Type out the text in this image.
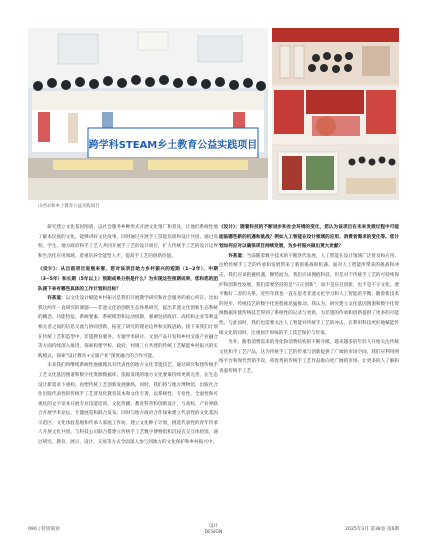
跨学科STEAM乡土教育公益实践项目
山西永和乡土教育公益实践项目

研究建立文化基因图谱，以社会服务乡种形式开展文化推广和普及，让他们系统性地了解本民族的文化，能够讲好文化故事。同时通过开展手工技能培训和设计共创，通过高校、学生、地方政府和手工艺人共同开展手工艺的设计项目，扩大传统手工艺的设计边界和生活化应用领域，着重培养全能型人才，提高手工艺的创新价值。

《设计》：从目前项目进展来看，您对该项目助力乡村振兴的短期（1~2年）、中期（3~5年）和长期（5年以上）预期成果分别是什么？为实现这些预期成果，您和您的团队接下来有哪些具体的工作计划和目标？

许甚道：以文化设计赋能乡村振兴是我们开展教学研究和社会服务的重心所在。比如我这两年一直研究的课题——非遗文化的创新生态体系研究，提出非遗文化创新生态系统的概念、功能特征、系统要素、系统模型和运动机制，强调包括政府、高校和企业等利益相关者之间的信息交流与协同创新，拓宽了研究的理论边界和实践思路。接下来我们计划在传统工艺和造型中、非遗教育服务、专题学术研讨、文创产品开发和乡村文旅产业融合等方面持续深入推进，探索构建学校、政府、村镇三方共建的传统工艺赋能乡村振兴的实践模式，探索“设计教育+文旅产业”深度融合的合作可能。

未来我们将继续系统性地梳理具有代表性的地方文化非遗技艺，通过研究和建传统手工艺文化基因图谱和数字化资源数据库，依据发现的地方文化要素持续更新完善，在生态设计新需求下重构、再塑传统工艺创新发展脉络，同时，我们将与地方博物馆、出版社合作出版代表性的传统手工艺普及化教育读本和文化专著，以系统性、专业性、全面性和可视化的文字读本开展专业技能培训、文化传播、教育科普和创新设计，与高校、产业界联合开展学术论坛、专题展览和联合发布，同时与地方政府合作探索建立代表性的文化基因示范区、文化体验基地和传承人家庭工作坊，建立文化种子计划，挑选代表性的青年传承人开展文化共创，与科技公司联合搭建立传统手工艺数字博物馆和沉浸式交互体验馆，通过研究、教育、展示、设计、交易等方式全面深入参与到地方的文化保护和乡村振兴中。

《设计》：随着科技的不断进步和社会环境的变化，您认为该项目在未来发展过程中可能面临哪些新的机遇和挑战？例如人工智能在设计领域的应用、消费者需求的变化等。您计划如何应对以确保项目持续发展，为乡村振兴做出更大贡献？

许甚道：当前随着数字技术的不断迭代发展，人工智能在设计领域广泛普及和应用，这给传统手工艺的传承和发展带来了新的挑战和机遇。面对人工智能所带来的挑战和冲击，我们应该把握机遇，顺势而为。我们应该拥抱科技，但是对于传统手工艺的可持续保护和创新性发展，我们需要坚持的是“守正创新”，而不是盲目创新，也不是不守文化，要平衡好二者的关系。近些年我也一直在思考非遗文化学习和人工智能的平衡，随着新技术的进步，传统技艺的数字化进程被迅猛推动。我认为，研究建立文化基因图谱和数字化资源数据库使传统技艺得到了系统性的记录与更新，为非遗的传承和创新提供了更多的可能性。与此同时，我们也需要关注人工智能对传统手工艺的冲击，在利用科技更好地赋能传统文化的同时，注重原汁原味的手工技艺保护与传承。

另外，随着消费需求的变化和消费结构的不断升级，越来越多的年轻人开始关注传统文化和手工艺产品，这为传统手工艺的传承与创新提供了广阔的市场空间，我们应利用网络平台和现代营销手段，将优秀的传统手工艺作品推向更广阔的市场，让更多的人了解和喜爱传统手工艺。

090 | 特别策划
设计
DESIGN	2025年3月 第38卷 第6期
